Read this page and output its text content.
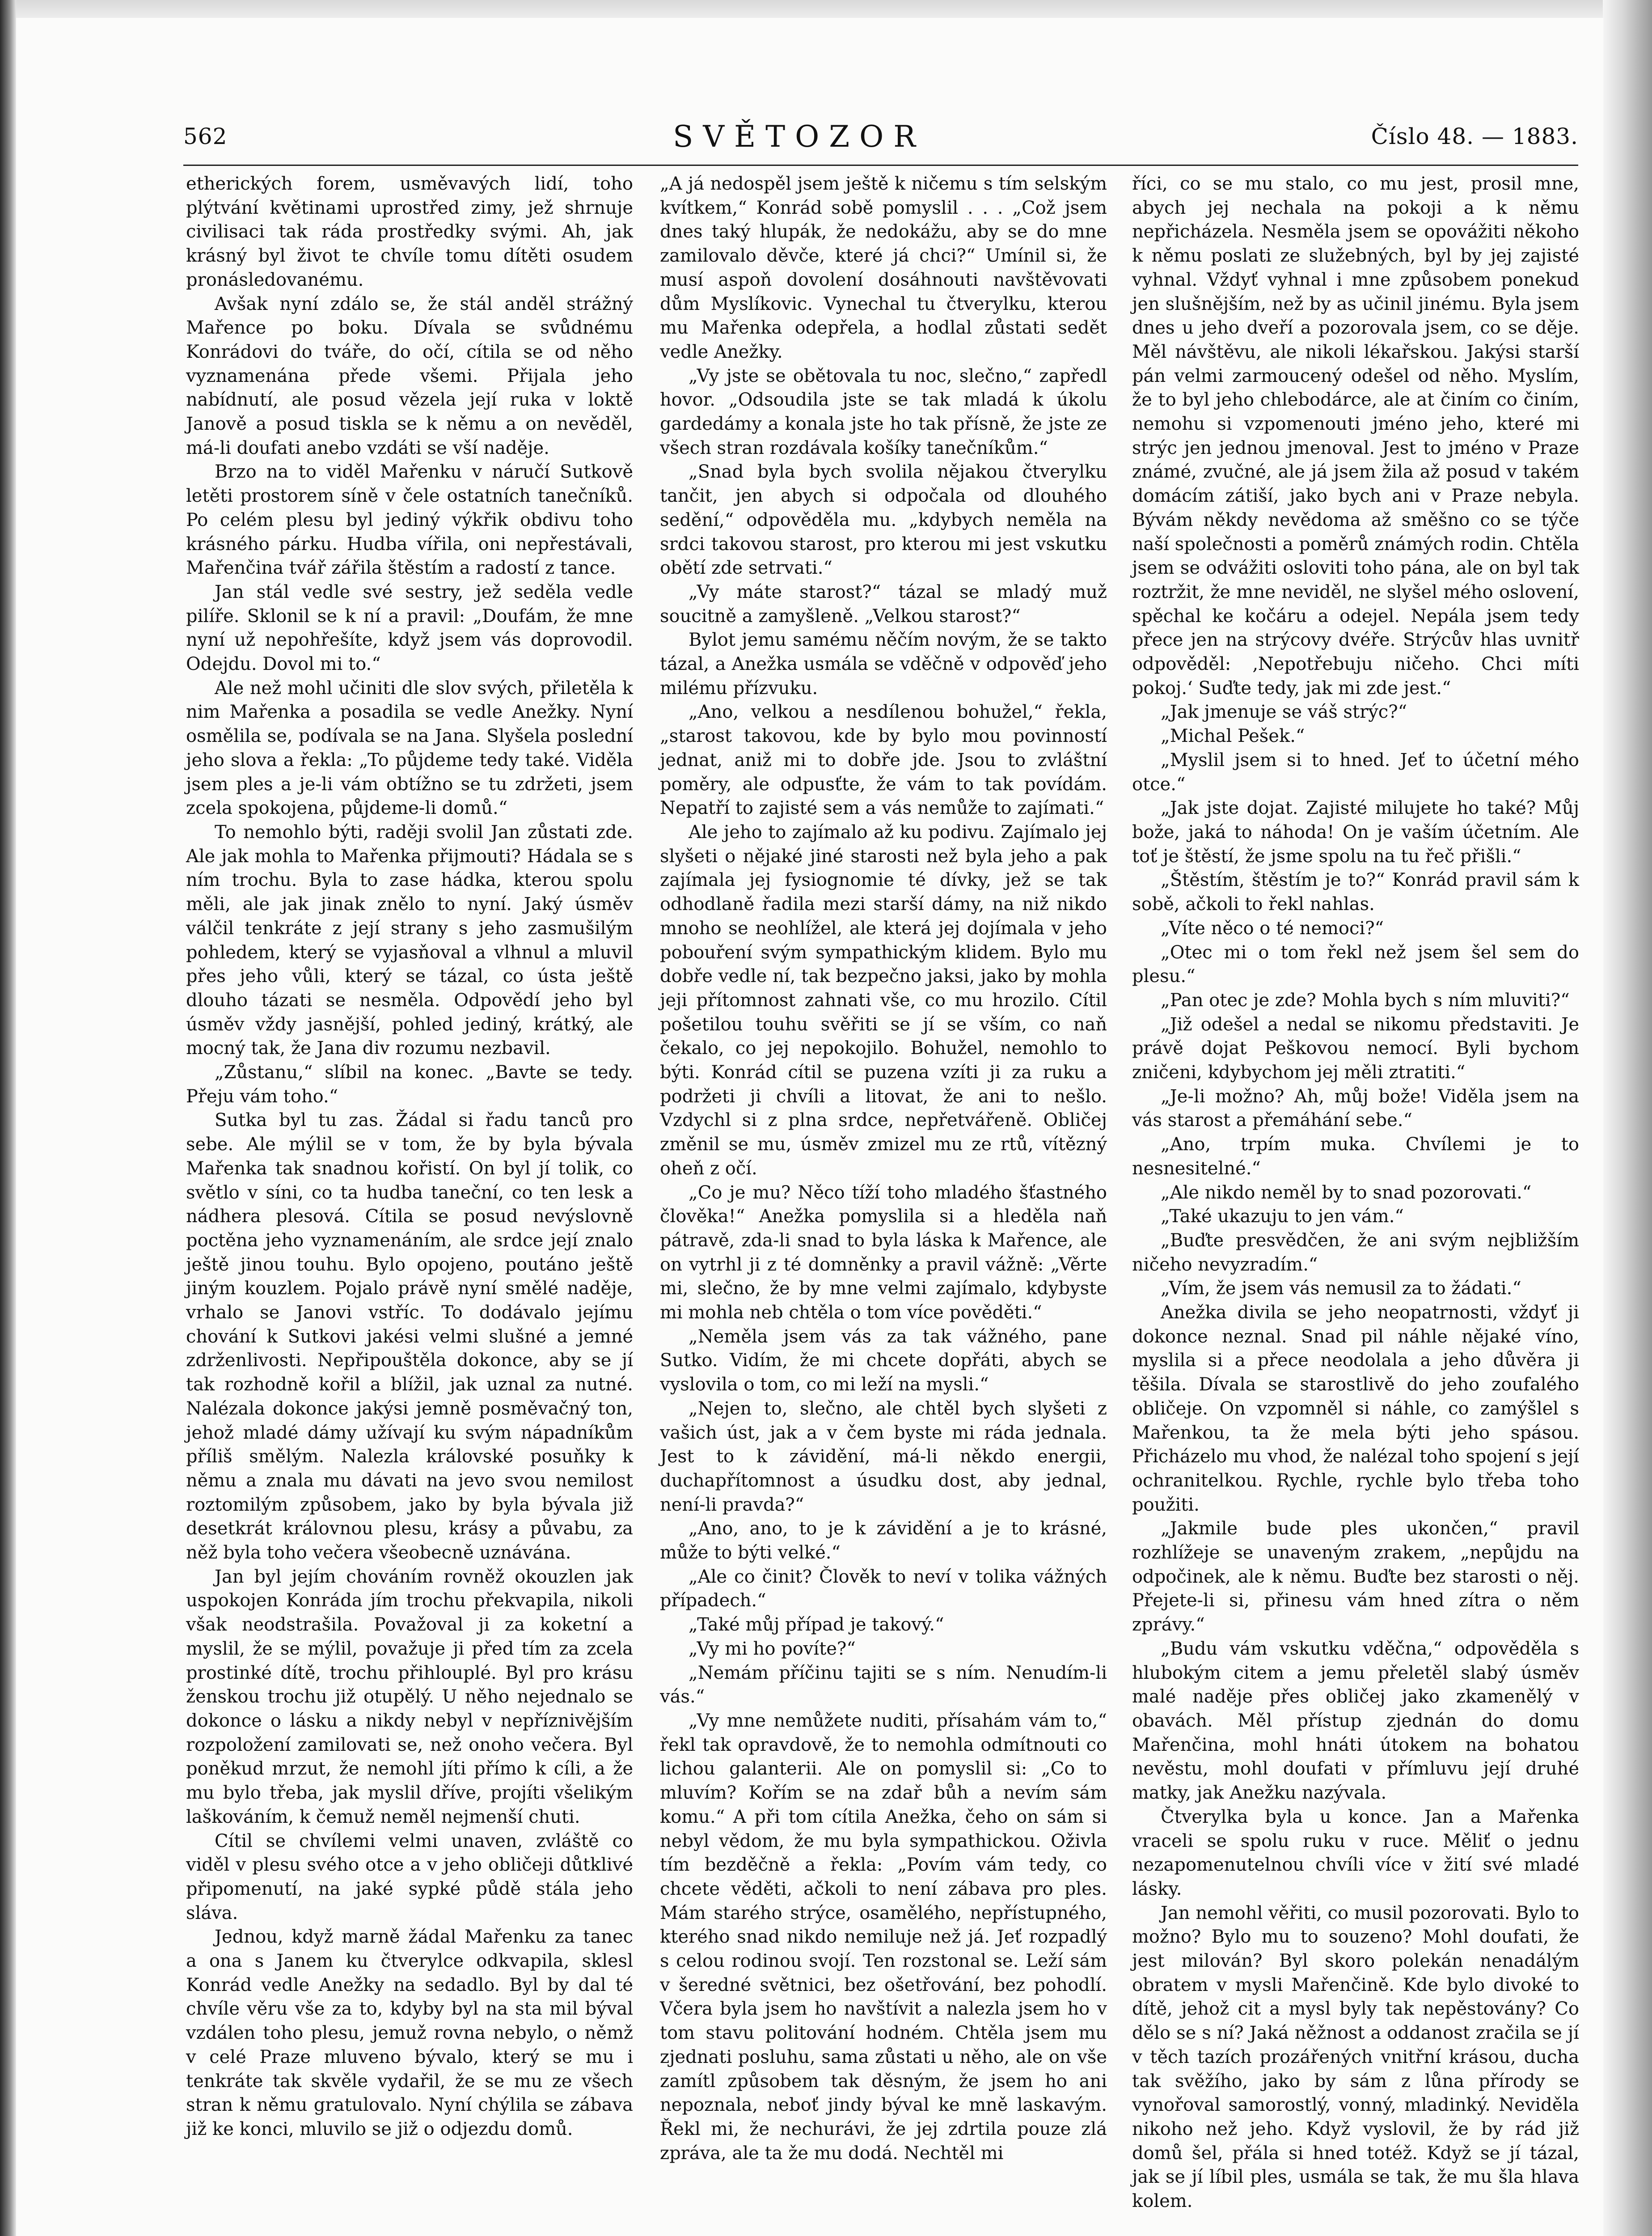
562	SVĚTOZOR	Číslo 48. — 1883.

etherických forem, usměvavých lidí, toho plýtvání květinami uprostřed zimy, jež shrnuje civilisaci tak ráda prostředky svými. Ah, jak krásný byl život te chvíle tomu dítěti osudem pronásledovanému.

Avšak nyní zdálo se, že stál anděl strážný Mařence po boku. Dívala se svůdnému Konrádovi do tváře, do očí, cítila se od něho vyznamenána přede všemi. Přijala jeho nabídnutí, ale posud vězela její ruka v loktě Janově a posud tiskla se k němu a on nevěděl, má-li doufati anebo vzdáti se vší naděje.

Brzo na to viděl Mařenku v náručí Sutkově letěti prostorem síně v čele ostatních tanečníků. Po celém plesu byl jediný výkřik obdivu toho krásného párku. Hudba vířila, oni nepřestávali, Mařenčina tvář zářila štěstím a radostí z tance.

Jan stál vedle své sestry, jež seděla vedle pilíře. Sklonil se k ní a pravil: „Doufám, že mne nyní už nepohřešíte, když jsem vás doprovodil. Odejdu. Dovol mi to.“

Ale než mohl učiniti dle slov svých, přiletěla k nim Mařenka a posadila se vedle Anežky. Nyní osmělila se, podívala se na Jana. Slyšela poslední jeho slova a řekla: „To půjdeme tedy také. Viděla jsem ples a je-li vám obtížno se tu zdržeti, jsem zcela spokojena, půjdeme-li domů.“

To nemohlo býti, raději svolil Jan zůstati zde. Ale jak mohla to Mařenka přijmouti? Hádala se s ním trochu. Byla to zase hádka, kterou spolu měli, ale jak jinak znělo to nyní. Jaký úsměv válčil tenkráte z její strany s jeho zasmušilým pohledem, který se vyjasňoval a vlhnul a mluvil přes jeho vůli, který se tázal, co ústa ještě dlouho tázati se nesměla. Odpovědí jeho byl úsměv vždy jasnější, pohled jediný, krátký, ale mocný tak, že Jana div rozumu nezbavil.

„Zůstanu,“ slíbil na konec. „Bavte se tedy. Přeju vám toho.“

Sutka byl tu zas. Žádal si řadu tanců pro sebe. Ale mýlil se v tom, že by byla bývala Mařenka tak snadnou kořistí. On byl jí tolik, co světlo v síni, co ta hudba taneční, co ten lesk a nádhera plesová. Cítila se posud nevýslovně poctěna jeho vyznamenáním, ale srdce její znalo ještě jinou touhu. Bylo opojeno, poutáno ještě jiným kouzlem. Pojalo právě nyní smělé naděje, vrhalo se Janovi vstříc. To dodávalo jejímu chování k Sutkovi jakési velmi slušné a jemné zdrženlivosti. Nepřipouštěla dokonce, aby se jí tak rozhodně kořil a blížil, jak uznal za nutné. Nalézala dokonce jakýsi jemně posměvačný ton, jehož mladé dámy užívají ku svým nápadníkům příliš smělým. Nalezla královské posuňky k němu a znala mu dávati na jevo svou nemilost roztomilým způsobem, jako by byla bývala již desetkrát královnou plesu, krásy a půvabu, za něž byla toho večera všeobecně uznávána.

Jan byl jejím chováním rovněž okouzlen jak uspokojen Konráda jím trochu překvapila, nikoli však neodstrašila. Považoval ji za koketní a myslil, že se mýlil, považuje ji před tím za zcela prostinké dítě, trochu přihlouplé. Byl pro krásu ženskou trochu již otupělý. U něho nejednalo se dokonce o lásku a nikdy nebyl v nepříznivějším rozpoložení zamilovati se, než onoho večera. Byl poněkud mrzut, že nemohl jíti přímo k cíli, a že mu bylo třeba, jak myslil dříve, projíti všelikým laškováním, k čemuž neměl nejmenší chuti.

Cítil se chvílemi velmi unaven, zvláště co viděl v plesu svého otce a v jeho obličeji důtklivé připomenutí, na jaké sypké půdě stála jeho sláva.

Jednou, když marně žádal Mařenku za tanec a ona s Janem ku čtverylce odkvapila, sklesl Konrád vedle Anežky na sedadlo. Byl by dal té chvíle věru vše za to, kdyby byl na sta mil býval vzdálen toho plesu, jemuž rovna nebylo, o němž v celé Praze mluveno bývalo, který se mu i tenkráte tak skvěle vydařil, že se mu ze všech stran k němu gratulovalo. Nyní chýlila se zábava již ke konci, mluvilo se již o odjezdu domů.

„A já nedospěl jsem ještě k ničemu s tím selským kvítkem,“ Konrád sobě pomyslil . . . „Což jsem dnes taký hlupák, že nedokážu, aby se do mne zamilovalo děvče, které já chci?“ Umínil si, že musí aspoň dovolení dosáhnouti navštěvovati dům Myslíkovic. Vynechal tu čtverylku, kterou mu Mařenka odepřela, a hodlal zůstati sedět vedle Anežky.

„Vy jste se obětovala tu noc, slečno,“ zapředl hovor. „Odsoudila jste se tak mladá k úkolu gardedámy a konala jste ho tak přísně, že jste ze všech stran rozdávala košíky tanečníkům.“

„Snad byla bych svolila nějakou čtverylku tančit, jen abych si odpočala od dlouhého sedění,“ odpověděla mu. „kdybych neměla na srdci takovou starost, pro kterou mi jest vskutku obětí zde setrvati.“

„Vy máte starost?“ tázal se mladý muž soucitně a zamyšleně. „Velkou starost?“

Bylot jemu samému něčím novým, že se takto tázal, a Anežka usmála se vděčně v odpověď jeho milému přízvuku.

„Ano, velkou a nesdílenou bohužel,“ řekla, „starost takovou, kde by bylo mou povinností jednat, aniž mi to dobře jde. Jsou to zvláštní poměry, ale odpusťte, že vám to tak povídám. Nepatří to zajisté sem a vás nemůže to zajímati.“

Ale jeho to zajímalo až ku podivu. Zajímalo jej slyšeti o nějaké jiné starosti než byla jeho a pak zajímala jej fysiognomie té dívky, jež se tak odhodlaně řadila mezi starší dámy, na niž nikdo mnoho se neohlížel, ale která jej dojímala v jeho pobouření svým sympathickým klidem. Bylo mu dobře vedle ní, tak bezpečno jaksi, jako by mohla jeji přítomnost zahnati vše, co mu hrozilo. Cítil pošetilou touhu svěřiti se jí se vším, co naň čekalo, co jej nepokojilo. Bohužel, nemohlo to býti. Konrád cítil se puzena vzíti ji za ruku a podržeti ji chvíli a litovat, že ani to nešlo. Vzdychl si z plna srdce, nepřetvářeně. Obličej změnil se mu, úsměv zmizel mu ze rtů, vítězný oheň z očí.

„Co je mu? Něco tíží toho mladého šťastného člověka!“ Anežka pomyslila si a hleděla naň pátravě, zda-li snad to byla láska k Mařence, ale on vytrhl ji z té domněnky a pravil vážně: „Věrte mi, slečno, že by mne velmi zajímalo, kdybyste mi mohla neb chtěla o tom více pověděti.“

„Neměla jsem vás za tak vážného, pane Sutko. Vidím, že mi chcete dopřáti, abych se vyslovila o tom, co mi leží na mysli.“

„Nejen to, slečno, ale chtěl bych slyšeti z vašich úst, jak a v čem byste mi ráda jednala. Jest to k závidění, má-li někdo energii, duchapřítomnost a úsudku dost, aby jednal, není-li pravda?“

„Ano, ano, to je k závidění a je to krásné, může to býti velké.“

„Ale co činit? Člověk to neví v tolika vážných případech.“

„Také můj případ je takový.“

„Vy mi ho povíte?“

„Nemám příčinu tajiti se s ním. Nenudím-li vás.“

„Vy mne nemůžete nuditi, přísahám vám to,“ řekl tak opravdově, že to nemohla odmítnouti co lichou galanterii. Ale on pomyslil si: „Co to mluvím? Kořím se na zdař bůh a nevím sám komu.“ A při tom cítila Anežka, čeho on sám si nebyl vědom, že mu byla sympathickou. Oživla tím bezděčně a řekla: „Povím vám tedy, co chcete věděti, ačkoli to není zábava pro ples. Mám starého strýce, osamělého, nepřístupného, kterého snad nikdo nemiluje než já. Jeť rozpadlý s celou rodinou svojí. Ten rozstonal se. Leží sám v šeredné světnici, bez ošetřování, bez pohodlí. Včera byla jsem ho navštívit a nalezla jsem ho v tom stavu politování hodném. Chtěla jsem mu zjednati posluhu, sama zůstati u něho, ale on vše zamítl způsobem tak děsným, že jsem ho ani nepoznala, neboť jindy býval ke mně laskavým. Řekl mi, že nechurávi, že jej zdrtila pouze zlá zpráva, ale ta že mu dodá. Nechtěl mi

říci, co se mu stalo, co mu jest, prosil mne, abych jej nechala na pokoji a k němu nepřicházela. Nesměla jsem se opovážiti někoho k němu poslati ze služebných, byl by jej zajisté vyhnal. Vždyť vyhnal i mne způsobem ponekud jen slušnějším, než by as učinil jinému. Byla jsem dnes u jeho dveří a pozorovala jsem, co se děje. Měl návštěvu, ale nikoli lékařskou. Jakýsi starší pán velmi zarmoucený odešel od něho. Myslím, že to byl jeho chlebodárce, ale at činím co činím, nemohu si vzpomenouti jméno jeho, které mi strýc jen jednou jmenoval. Jest to jméno v Praze známé, zvučné, ale já jsem žila až posud v takém domácím zátiší, jako bych ani v Praze nebyla. Bývám někdy nevědoma až směšno co se týče naší společnosti a poměrů známých rodin. Chtěla jsem se odvážiti osloviti toho pána, ale on byl tak roztržit, že mne neviděl, ne slyšel mého oslovení, spěchal ke kočáru a odejel. Nepála jsem tedy přece jen na strýcovy dvéře. Strýcův hlas uvnitř odpověděl: ‚Nepotřebuju ničeho. Chci míti pokoj.‘ Suďte tedy, jak mi zde jest.“

„Jak jmenuje se váš strýc?“

„Michal Pešek.“

„Myslil jsem si to hned. Jeť to účetní mého otce.“

„Jak jste dojat. Zajisté milujete ho také? Můj bože, jaká to náhoda! On je vaším účetním. Ale toť je štěstí, že jsme spolu na tu řeč přišli.“

„Štěstím, štěstím je to?“ Konrád pravil sám k sobě, ačkoli to řekl nahlas.

„Víte něco o té nemoci?“

„Otec mi o tom řekl než jsem šel sem do plesu.“

„Pan otec je zde? Mohla bych s ním mluviti?“

„Již odešel a nedal se nikomu představiti. Je právě dojat Peškovou nemocí. Byli bychom zničeni, kdybychom jej měli ztratiti.“

„Je-li možno? Ah, můj bože! Viděla jsem na vás starost a přemáhání sebe.“

„Ano, trpím muka. Chvílemi je to nesnesitelné.“

„Ale nikdo neměl by to snad pozorovati.“

„Také ukazuju to jen vám.“

„Buďte presvědčen, že ani svým nejbližším ničeho nevyzradím.“

„Vím, že jsem vás nemusil za to žádati.“

Anežka divila se jeho neopatrnosti, vždyť ji dokonce neznal. Snad pil náhle nějaké víno, myslila si a přece neodolala a jeho důvěra ji těšila. Dívala se starostlivě do jeho zoufalého obličeje. On vzpomněl si náhle, co zamýšlel s Mařenkou, ta že mela býti jeho spásou. Přicházelo mu vhod, že nalézal toho spojení s její ochranitelkou. Rychle, rychle bylo třeba toho použiti.

„Jakmile bude ples ukončen,“ pravil rozhlížeje se unaveným zrakem, „nepůjdu na odpočinek, ale k němu. Buďte bez starosti o něj. Přejete-li si, přinesu vám hned zítra o něm zprávy.“

„Budu vám vskutku vděčna,“ odpověděla s hlubokým citem a jemu přeletěl slabý úsměv malé naděje přes obličej jako zkamenělý v obavách. Měl přístup zjednán do domu Mařenčina, mohl hnáti útokem na bohatou nevěstu, mohl doufati v přímluvu její druhé matky, jak Anežku nazývala.

Čtverylka byla u konce. Jan a Mařenka vraceli se spolu ruku v ruce. Měliť o jednu nezapomenutelnou chvíli více v žití své mladé lásky.

Jan nemohl věřiti, co musil pozorovati. Bylo to možno? Bylo mu to souzeno? Mohl doufati, že jest milován? Byl skoro polekán nenadálým obratem v mysli Mařenčině. Kde bylo divoké to dítě, jehož cit a mysl byly tak nepěstovány? Co dělo se s ní? Jaká něžnost a oddanost zračila se jí v těch tazích prozářených vnitřní krásou, ducha tak svěžího, jako by sám z lůna přírody se vynořoval samorostlý, vonný, mladinký. Neviděla nikoho než jeho. Když vyslovil, že by rád již domů šel, přála si hned totéž. Když se jí tázal, jak se jí líbil ples, usmála se tak, že mu šla hlava kolem.
